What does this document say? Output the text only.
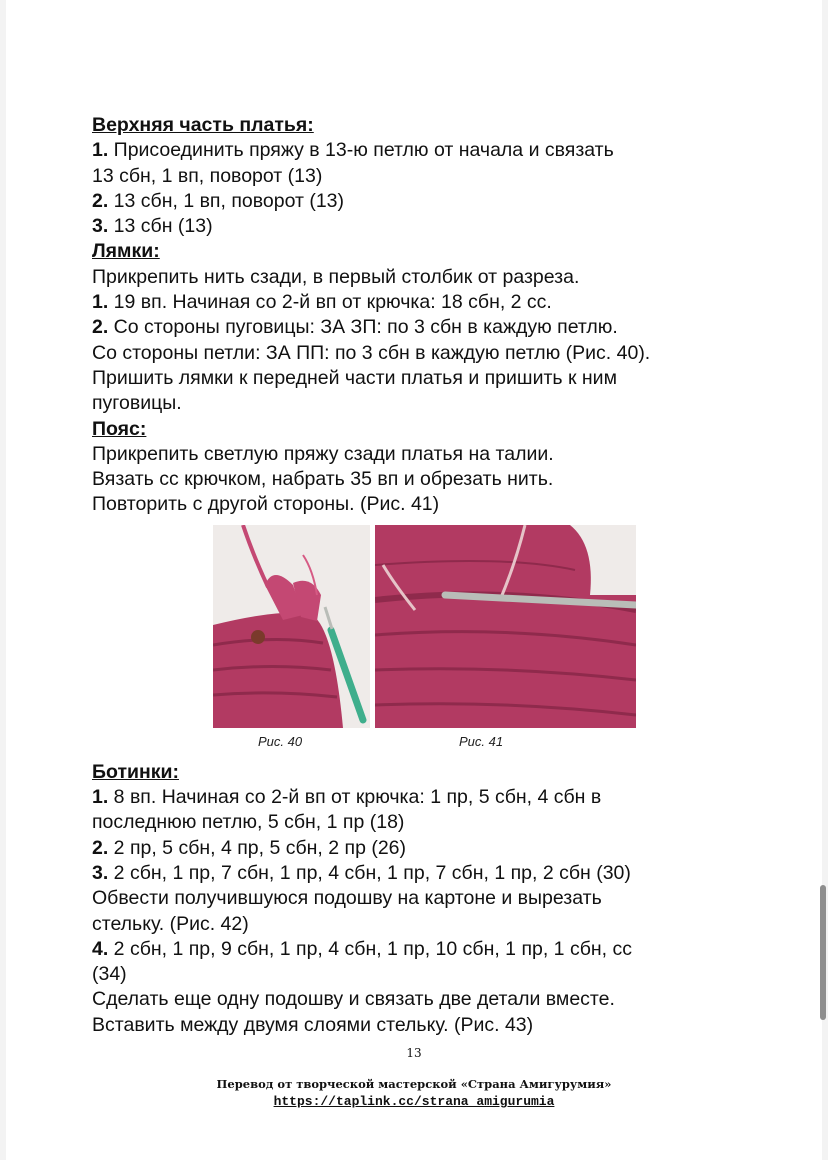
Верхняя часть платья:
1. Присоединить пряжу в 13-ю петлю от начала и связать
13 сбн, 1 вп, поворот (13)
2. 13 сбн, 1 вп, поворот (13)
3. 13 сбн (13)
Лямки:
Прикрепить нить сзади, в первый столбик от разреза.
1. 19 вп. Начиная со 2-й вп от крючка: 18 сбн, 2 сс.
2. Со стороны пуговицы: ЗА ЗП: по 3 сбн в каждую петлю.
Со стороны петли: ЗА ПП: по 3 сбн в каждую петлю (Рис. 40).
Пришить лямки к передней части платья и пришить к ним
пуговицы.
Пояс:
Прикрепить светлую пряжу сзади платья на талии.
Вязать сс крючком, набрать 35 вп и обрезать нить.
Повторить с другой стороны. (Рис. 41)
Рис. 40	Рис. 41
Ботинки:
1. 8 вп. Начиная со 2-й вп от крючка: 1 пр, 5 сбн, 4 сбн в
последнюю петлю, 5 сбн, 1 пр (18)
2. 2 пр, 5 сбн, 4 пр, 5 сбн, 2 пр (26)
3. 2 сбн, 1 пр, 7 сбн, 1 пр, 4 сбн, 1 пр, 7 сбн, 1 пр, 2 сбн (30)
Обвести получившуюся подошву на картоне и вырезать
стельку. (Рис. 42)
4. 2 сбн, 1 пр, 9 сбн, 1 пр, 4 сбн, 1 пр, 10 сбн, 1 пр, 1 сбн, сс
(34)
Сделать еще одну подошву и связать две детали вместе.
Вставить между двумя слоями стельку. (Рис. 43)
13
Перевод от творческой мастерской «Страна Амигурумия»
https://taplink.cc/strana_amigurumia
